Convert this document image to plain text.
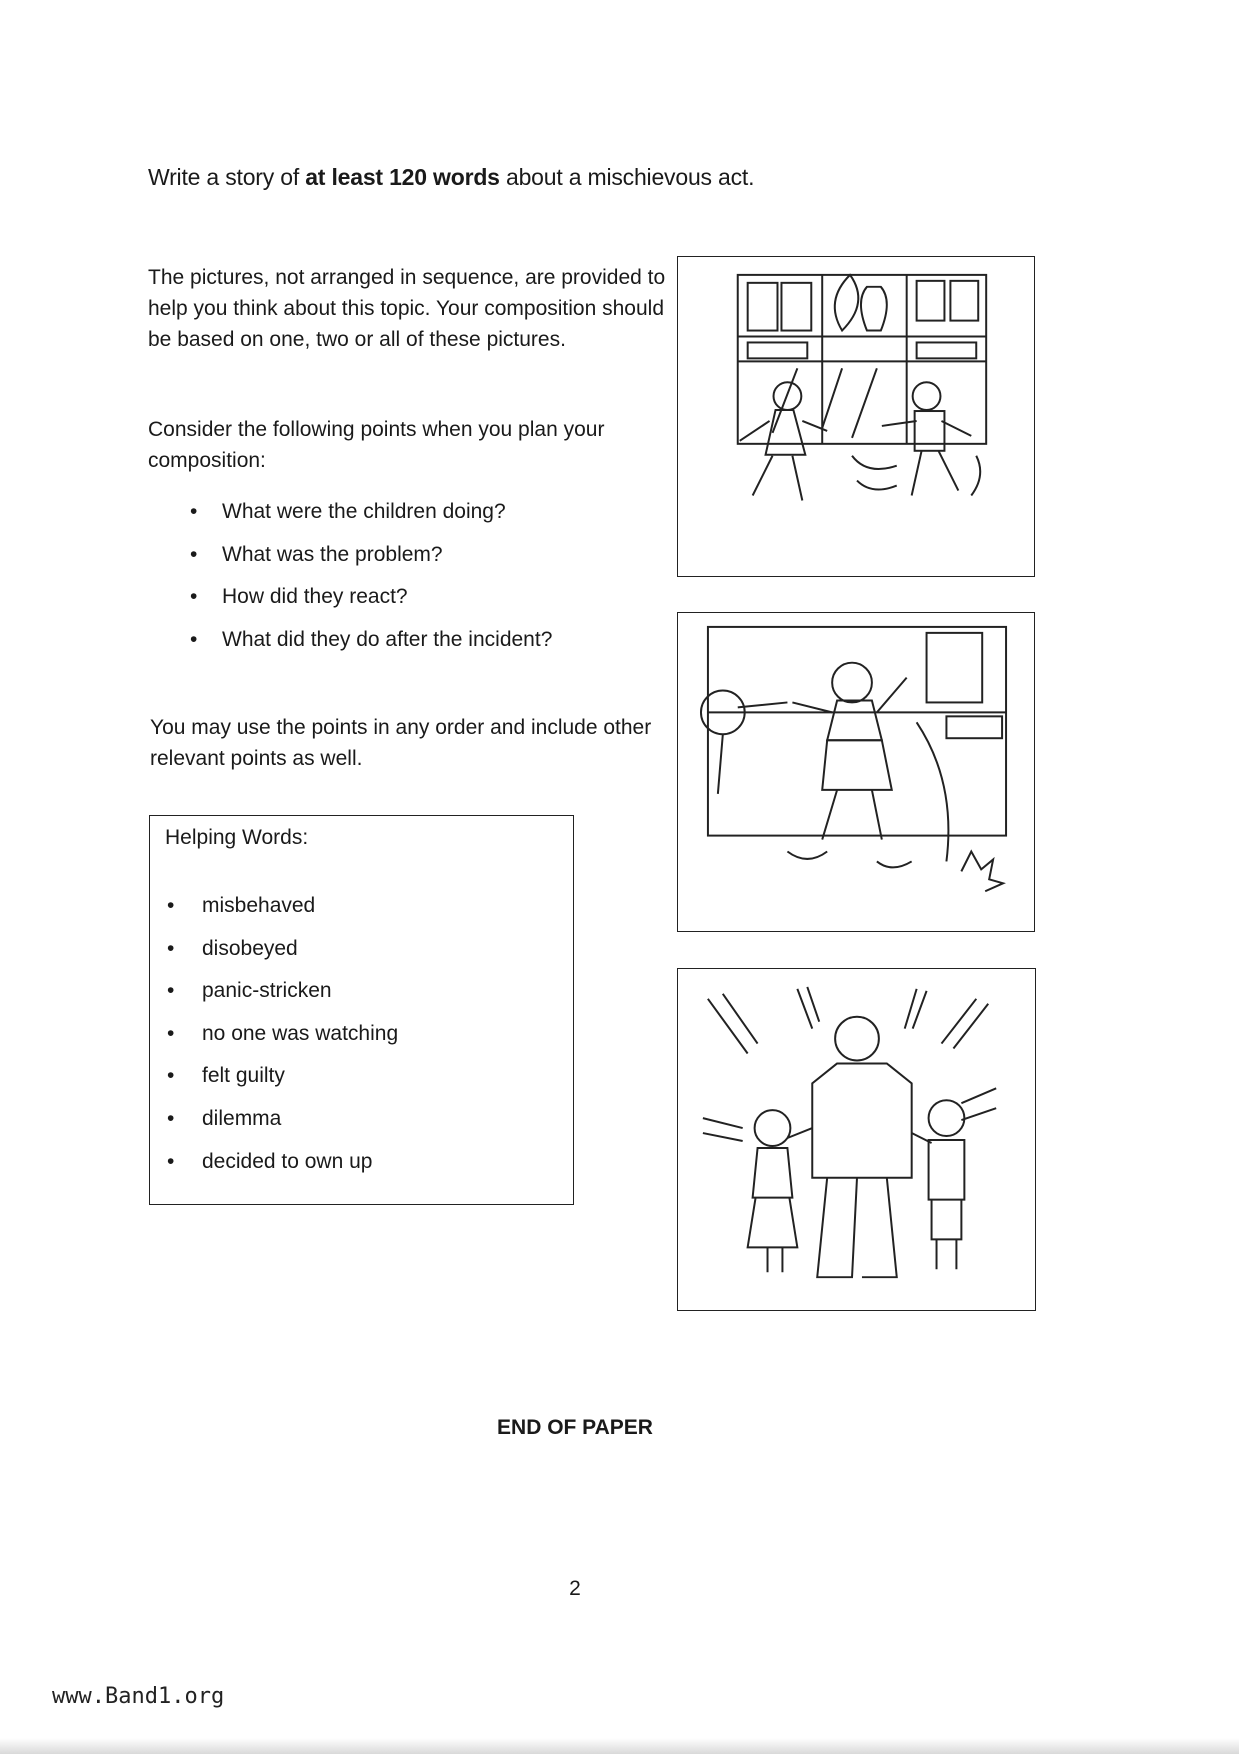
Write a story of at least 120 words about a mischievous act.
The pictures, not arranged in sequence, are provided to help you think about this topic. Your composition should be based on one, two or all of these pictures.
Consider the following points when you plan your composition:
• What were the children doing?
• What was the problem?
• How did they react?
• What did they do after the incident?
You may use the points in any order and include other relevant points as well.
Helping Words:
• misbehaved
• disobeyed
• panic-stricken
• no one was watching
• felt guilty
• dilemma
• decided to own up
END OF PAPER
2
www.Band1.org
